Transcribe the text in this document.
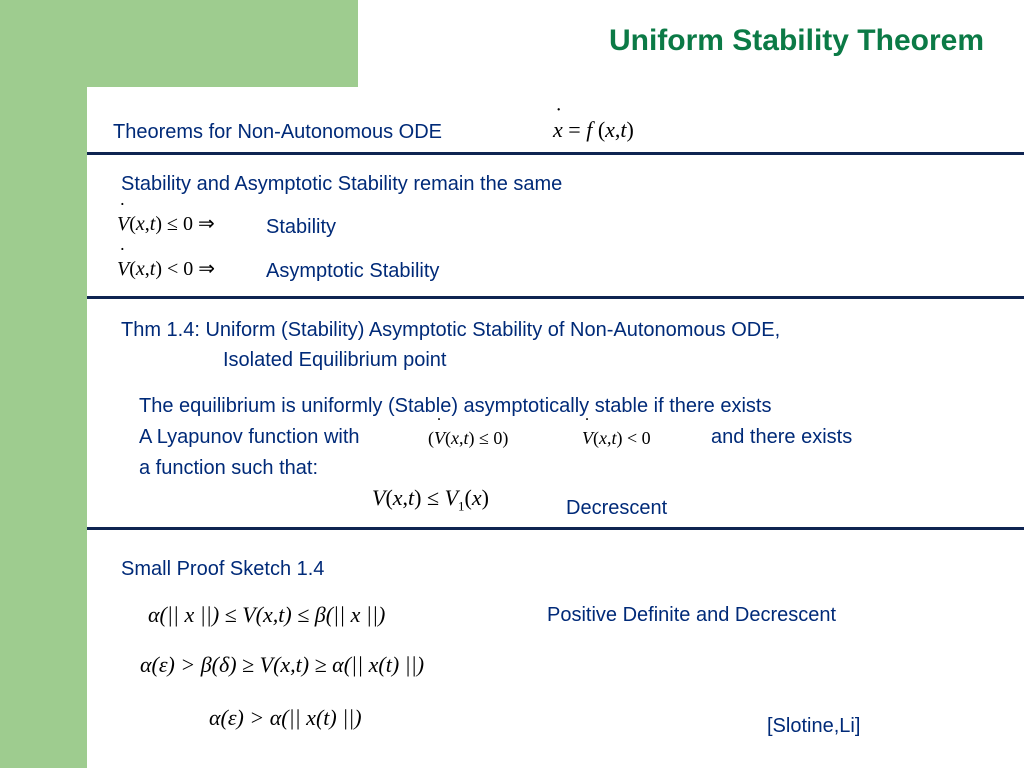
Uniform Stability Theorem
Theorems for Non-Autonomous ODE	˙ x = f (x,t)
Stability and Asymptotic Stability remain the same
˙ V(x,t) ≤ 0 ⇒	Stability
˙ V(x,t) < 0 ⇒	Asymptotic Stability
Thm 1.4: Uniform (Stability) Asymptotic Stability of Non-Autonomous ODE,
Isolated Equilibrium point
The equilibrium is uniformly (Stable) asymptotically stable if there exists
A Lyapunov function with	(˙ V(x,t) ≤ 0)	˙ V(x,t) < 0	and there exists
a function such that:
$V(x,t) \le V_1(x)$	Decrescent
Small Proof Sketch 1.4
α(|| x ||) ≤ V(x,t) ≤ β(|| x ||)	Positive Definite and Decrescent
α(ε) > β(δ) ≥ V(x,t) ≥ α(|| x(t) ||)
α(ε) > α(|| x(t) ||)	[Slotine,Li]
